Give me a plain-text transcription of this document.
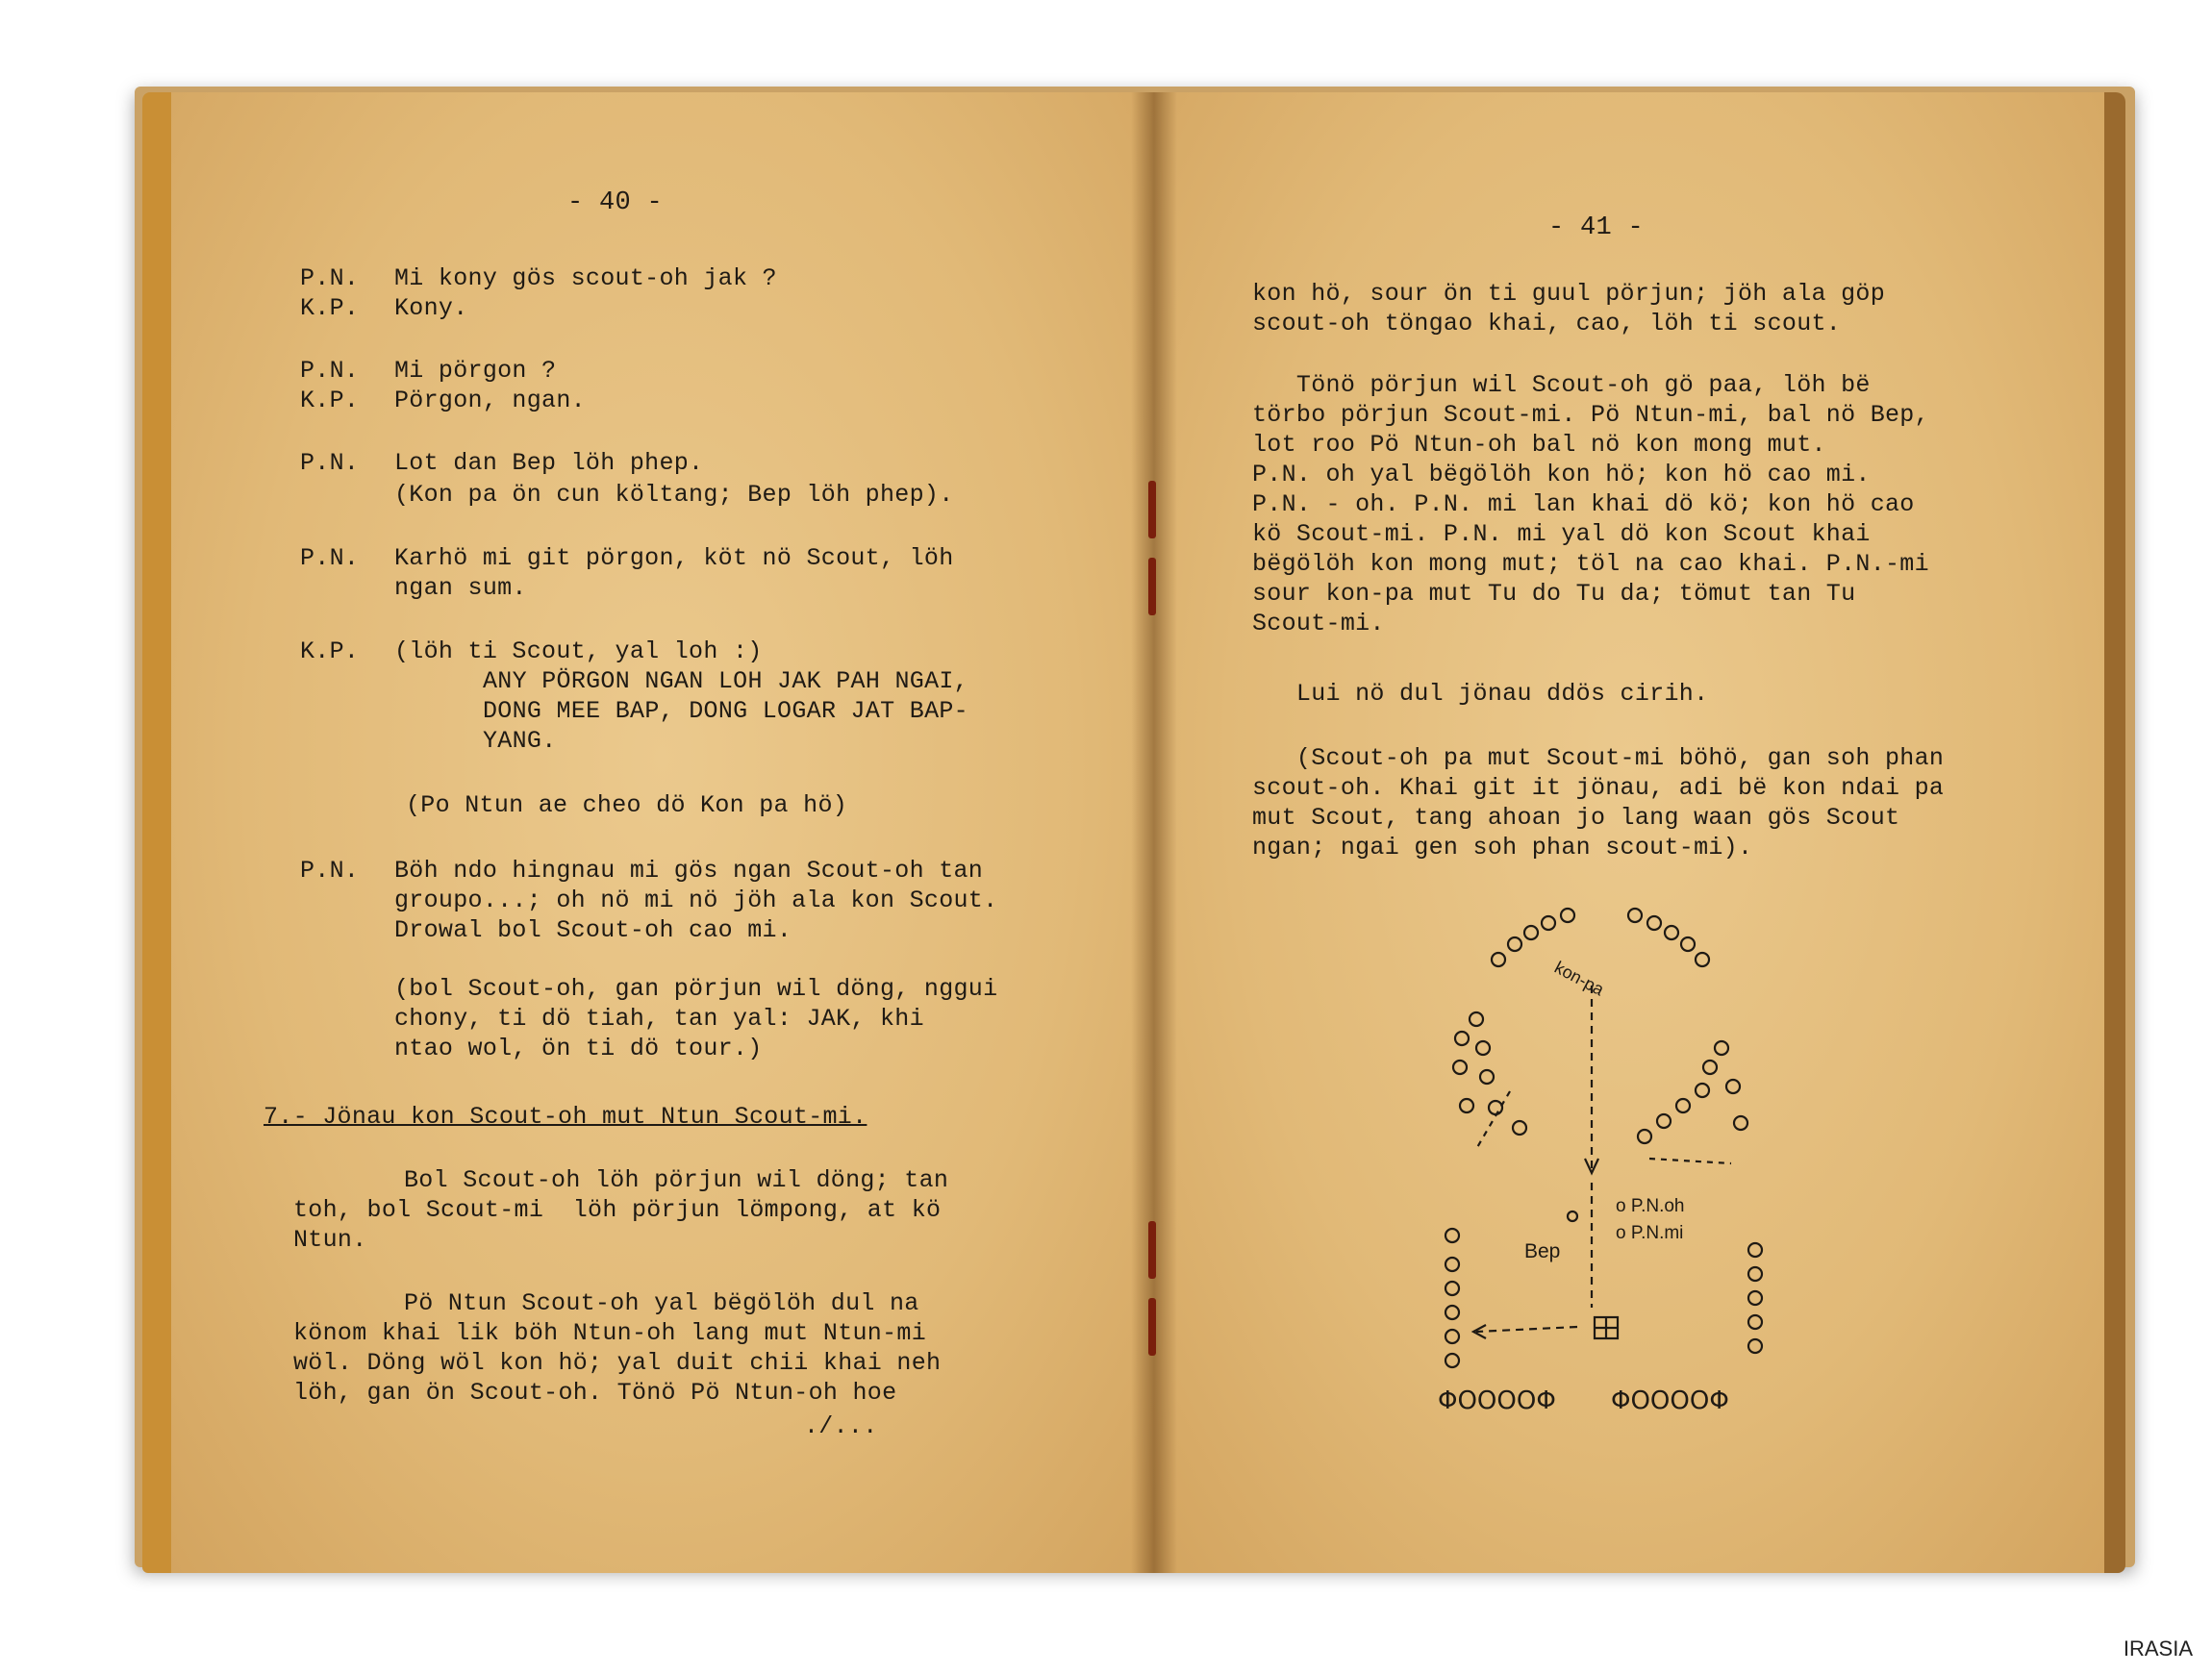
- 40 -
P.N. Mi kony gös scout-oh jak ?
K.P. Kony.
P.N. Mi pörgon ?
K.P. Pörgon, ngan.
P.N. Lot dan Bep löh phep.
(Kon pa ön cun költang; Bep löh phep).
P.N. Karhö mi git pörgon, köt nö Scout, löh
ngan sum.
K.P. (löh ti Scout, yal loh :)
ANY PÖRGON NGAN LOH JAK PAH NGAI,
DONG MEE BAP, DONG LOGAR JAT BAP-
YANG.
(Po Ntun ae cheo dö Kon pa hö)
P.N. Böh ndo hingnau mi gös ngan Scout-oh tan
groupo...; oh nö mi nö jöh ala kon Scout.
Drowal bol Scout-oh cao mi.
(bol Scout-oh, gan pörjun wil döng, nggui
chony, ti dö tiah, tan yal: JAK, khi
ntao wol, ön ti dö tour.)
7.- Jönau kon Scout-oh mut Ntun Scout-mi.
Bol Scout-oh löh pörjun wil döng; tan
toh, bol Scout-mi  löh pörjun lömpong, at kö
Ntun.
Pö Ntun Scout-oh yal bëgölöh dul na
könom khai lik böh Ntun-oh lang mut Ntun-mi
wöl. Döng wöl kon hö; yal duit chii khai neh
löh, gan ön Scout-oh. Tönö Pö Ntun-oh hoe
./...
- 41 -
kon hö, sour ön ti guul pörjun; jöh ala göp
scout-oh töngao khai, cao, löh ti scout.
Tönö pörjun wil Scout-oh gö paa, löh bë
törbo pörjun Scout-mi. Pö Ntun-mi, bal nö Bep,
lot roo Pö Ntun-oh bal nö kon mong mut.
P.N. oh yal bëgölöh kon hö; kon hö cao mi.
P.N. - oh. P.N. mi lan khai dö kö; kon hö cao
kö Scout-mi. P.N. mi yal dö kon Scout khai
bëgölöh kon mong mut; töl na cao khai. P.N.-mi
sour kon-pa mut Tu do Tu da; tömut tan Tu
Scout-mi.
Lui nö dul jönau ddös cirih.
(Scout-oh pa mut Scout-mi böhö, gan soh phan
scout-oh. Khai git it jönau, adi bë kon ndai pa
mut Scout, tang ahoan jo lang waan gös Scout
ngan; ngai gen soh phan scout-mi).
kon-pa
Bep
o P.N.oh
o P.N.mi
ΦΟΟΟΟΦ ΦΟΟΟΟΦ
IRASIA
